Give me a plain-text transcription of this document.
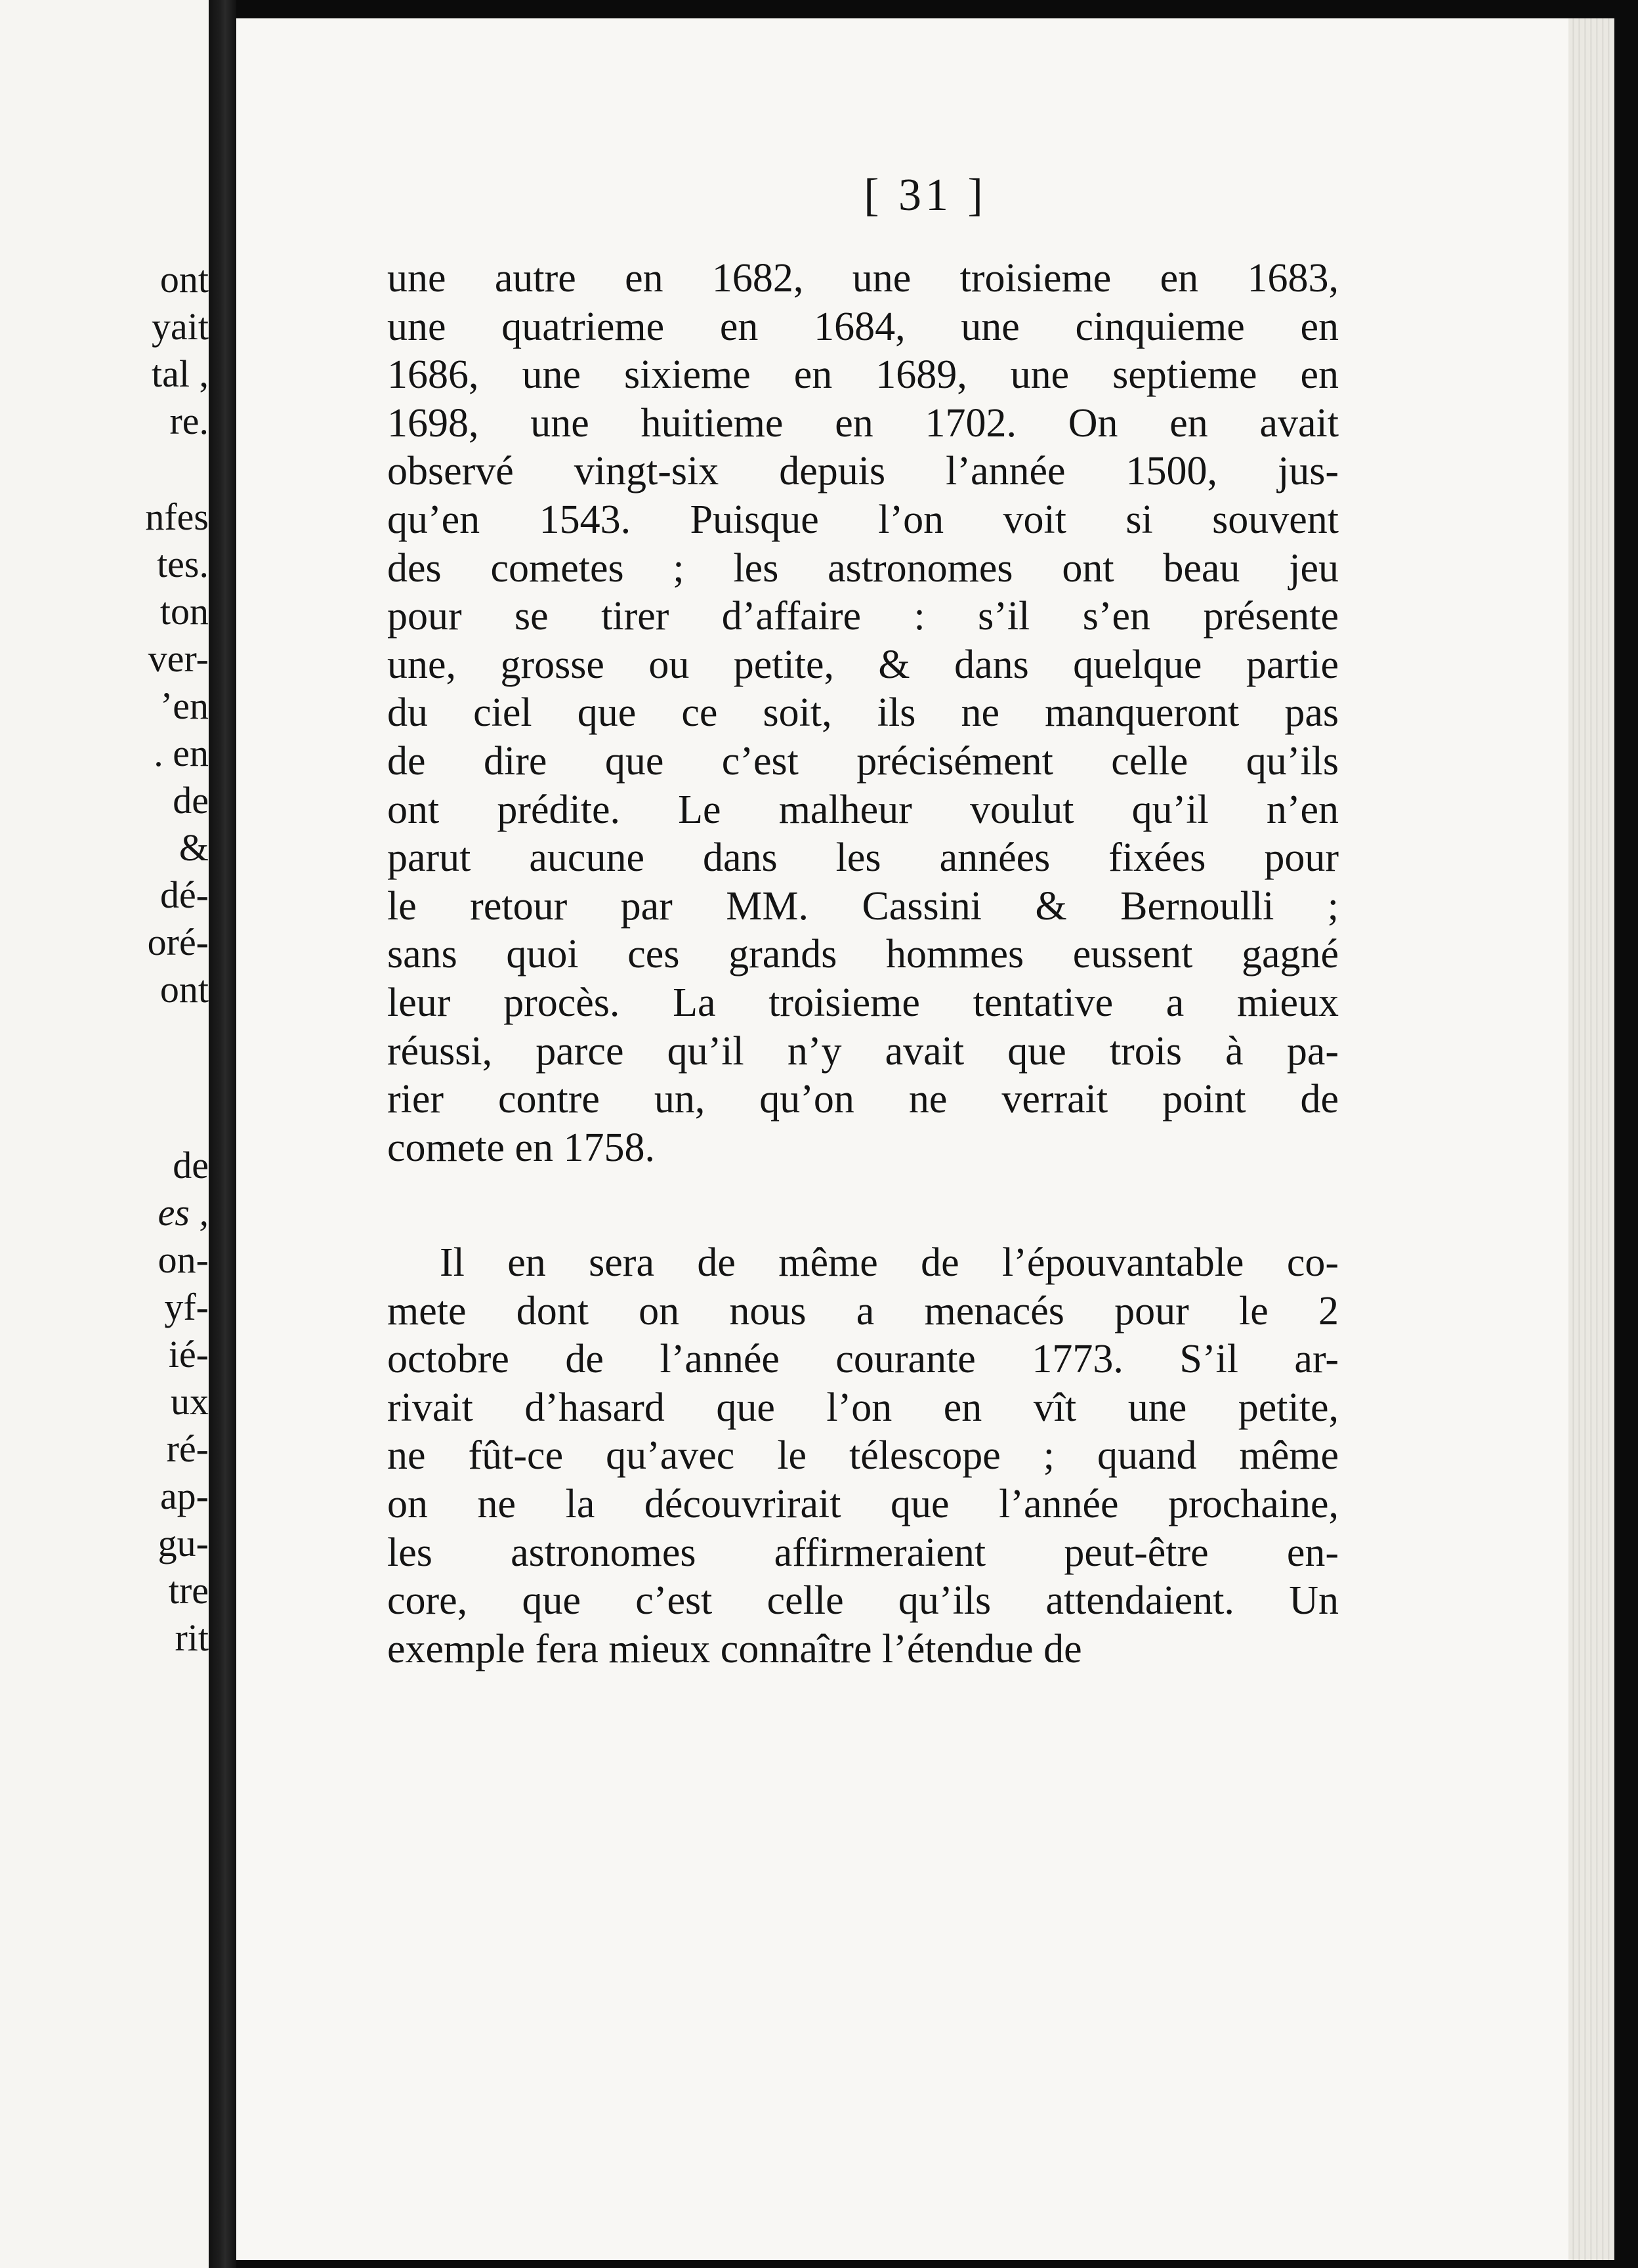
ont
yait
tal ,
re.
nfes
tes.
ton
ver-
’en
. en
de
&
dé-
oré-
ont
de
es ,
on-
yf-
ié-
ux
ré-
ap-
gu-
tre
rit
[ 31 ]
une autre en 1682, une troisieme en 1683,
une quatrieme en 1684, une cinquieme en
1686, une sixieme en 1689, une septieme en
1698, une huitieme en 1702. On en avait
observé vingt-six depuis l’année 1500, jus-
qu’en 1543. Puisque l’on voit si souvent
des cometes ; les astronomes ont beau jeu
pour se tirer d’affaire : s’il s’en présente
une, grosse ou petite, & dans quelque partie
du ciel que ce soit, ils ne manqueront pas
de dire que c’est précisément celle qu’ils
ont prédite. Le malheur voulut qu’il n’en
parut aucune dans les années fixées pour
le retour par MM. Cassini & Bernoulli ;
sans quoi ces grands hommes eussent gagné
leur procès. La troisieme tentative a mieux
réussi, parce qu’il n’y avait que trois à pa-
rier contre un, qu’on ne verrait point de
comete en 1758.
Il en sera de même de l’épouvantable co-
mete dont on nous a menacés pour le 2
octobre de l’année courante 1773. S’il ar-
rivait d’hasard que l’on en vît une petite,
ne fût-ce qu’avec le télescope ; quand même
on ne la découvrirait que l’année prochaine,
les astronomes affirmeraient peut-être en-
core, que c’est celle qu’ils attendaient. Un
exemple fera mieux connaître l’étendue de
